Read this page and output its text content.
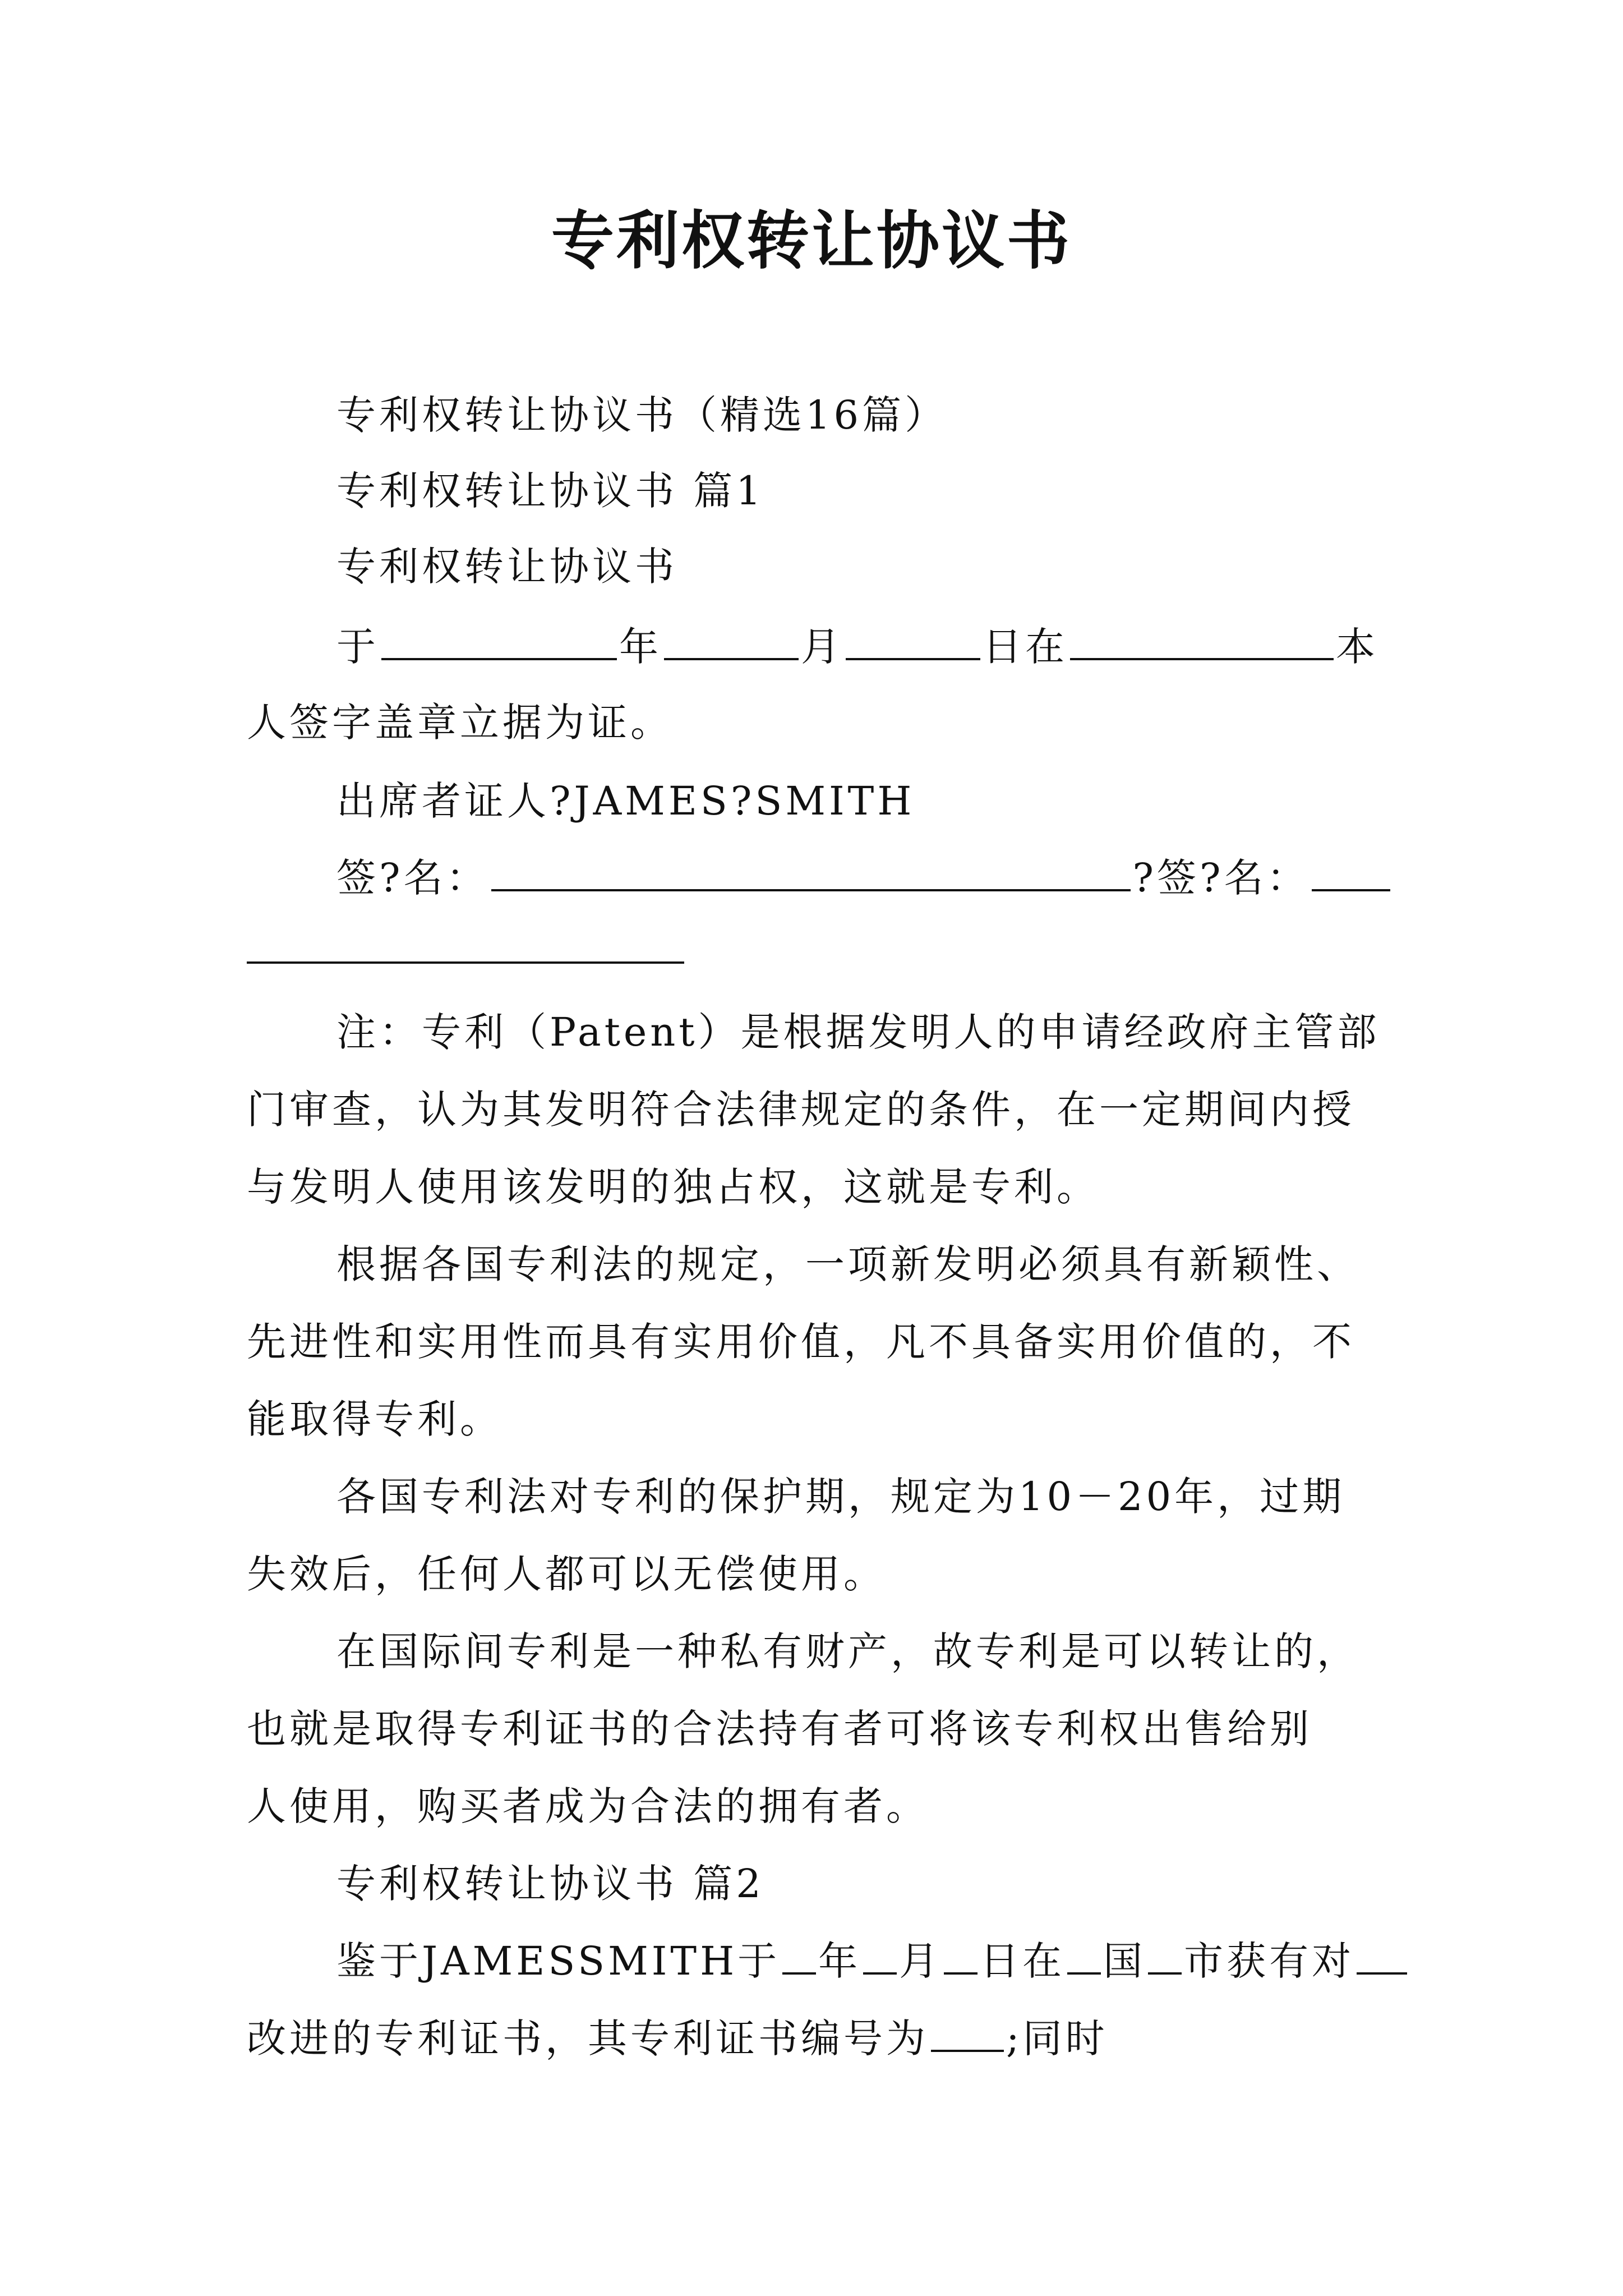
专利权转让协议书
专利权转让协议书（精选16篇）
专利权转让协议书 篇1
专利权转让协议书
于	年	月	日在	本
人签字盖章立据为证。
出席者证人?JAMES?SMITH
签?名：	?签?名：
注：专利（Patent）是根据发明人的申请经政府主管部
门审查，认为其发明符合法律规定的条件，在一定期间内授
与发明人使用该发明的独占权，这就是专利。
根据各国专利法的规定，一项新发明必须具有新颖性、
先进性和实用性而具有实用价值，凡不具备实用价值的，不
能取得专利。
各国专利法对专利的保护期，规定为10－20年，过期
失效后，任何人都可以无偿使用。
在国际间专利是一种私有财产，故专利是可以转让的，
也就是取得专利证书的合法持有者可将该专利权出售给别
人使用，购买者成为合法的拥有者。
专利权转让协议书 篇2
鉴于JAMESSMITH于 年 月 日在 国 市获有对
改进的专利证书，其专利证书编号为 ;同时
